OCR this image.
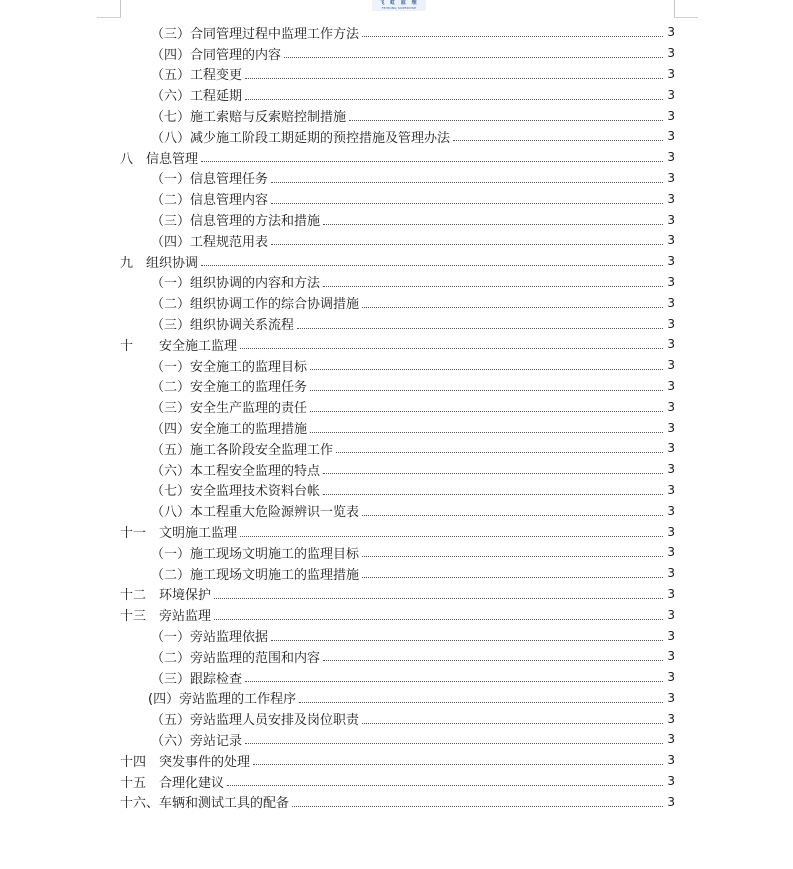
飞 虹 监 理
FEIHONG SUPERVISE
（三）合同管理过程中监理工作方法	3
（四）合同管理的内容	3
（五）工程变更	3
（六）工程延期	3
（七）施工索赔与反索赔控制措施	3
（八）减少施工阶段工期延期的预控措施及管理办法	3
八　信息管理	3
（一）信息管理任务	3
（二）信息管理内容	3
（三）信息管理的方法和措施	3
（四）工程规范用表	3
九　组织协调	3
（一）组织协调的内容和方法	3
（二）组织协调工作的综合协调措施	3
（三）组织协调关系流程	3
十　　安全施工监理	3
（一）安全施工的监理目标	3
（二）安全施工的监理任务	3
（三）安全生产监理的责任	3
（四）安全施工的监理措施	3
（五）施工各阶段安全监理工作	3
（六）本工程安全监理的特点	3
（七）安全监理技术资料台帐	3
（八）本工程重大危险源辨识一览表	3
十一　文明施工监理	3
（一）施工现场文明施工的监理目标	3
（二）施工现场文明施工的监理措施	3
十二　环境保护	3
十三　旁站监理	3
（一）旁站监理依据	3
（二）旁站监理的范围和内容	3
（三）跟踪检查	3
(四）旁站监理的工作程序	3
（五）旁站监理人员安排及岗位职责	3
（六）旁站记录	3
十四　突发事件的处理	3
十五　合理化建议	3
十六、车辆和测试工具的配备	3
